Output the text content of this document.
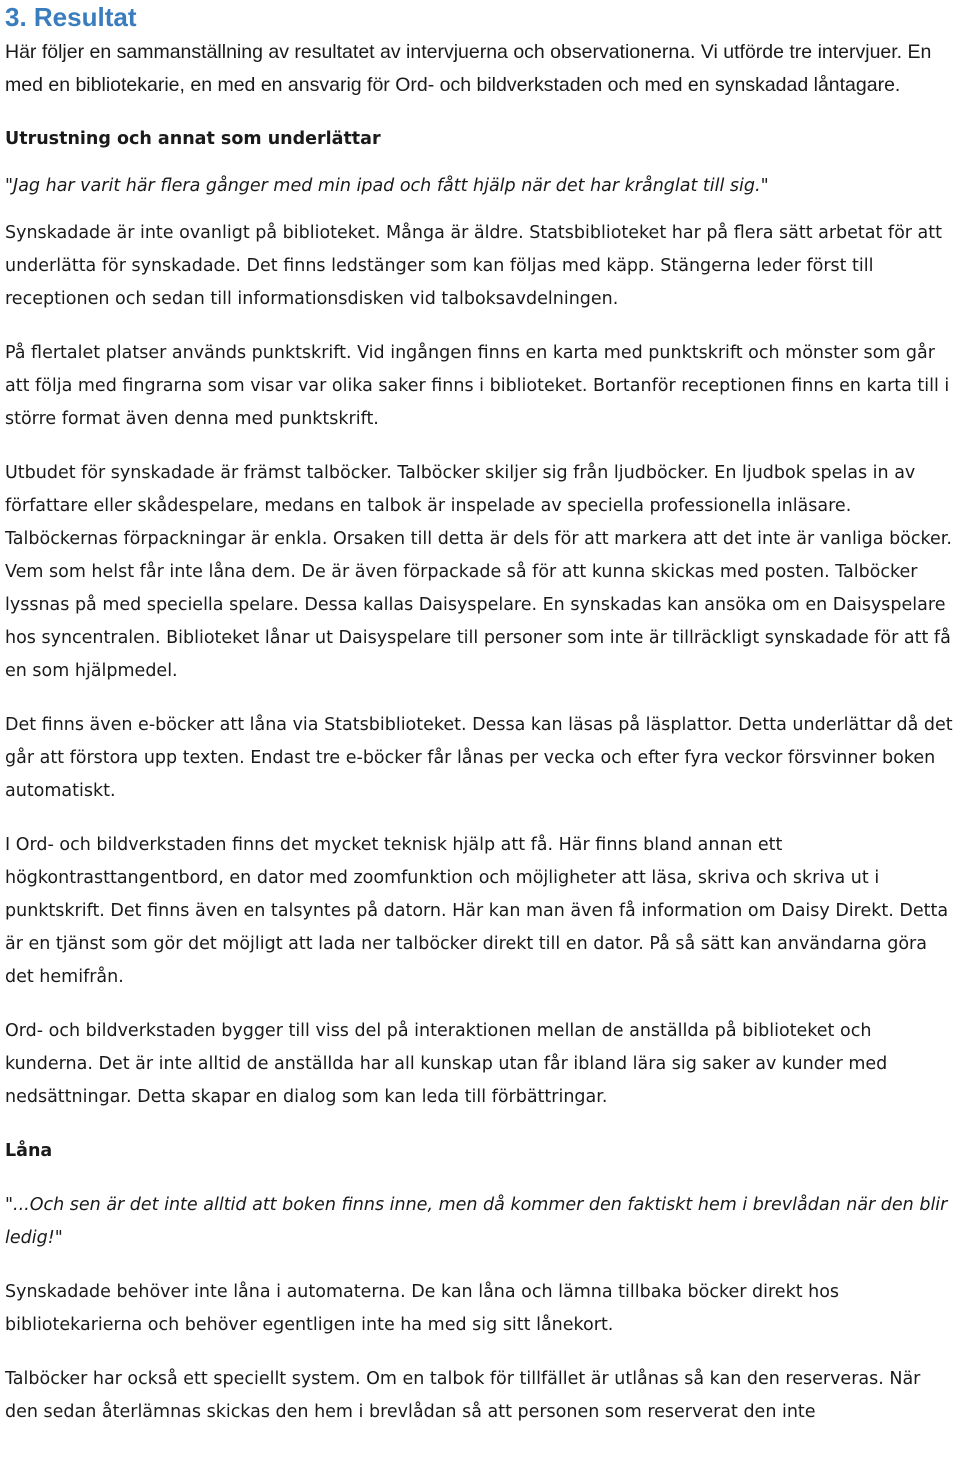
3. Resultat

Här följer en sammanställning av resultatet av intervjuerna och observationerna. Vi utförde tre intervjuer. En med en bibliotekarie, en med en ansvarig för Ord- och bildverkstaden och med en synskadad låntagare.

Utrustning och annat som underlättar

"Jag har varit här flera gånger med min ipad och fått hjälp när det har krånglat till sig."

Synskadade är inte ovanligt på biblioteket. Många är äldre. Statsbiblioteket har på flera sätt arbetat för att underlätta för synskadade. Det finns ledstänger som kan följas med käpp. Stängerna leder först till receptionen och sedan till informationsdisken vid talboksavdelningen.

På flertalet platser används punktskrift. Vid ingången finns en karta med punktskrift och mönster som går att följa med fingrarna som visar var olika saker finns i biblioteket. Bortanför receptionen finns en karta till i större format även denna med punktskrift.

Utbudet för synskadade är främst talböcker. Talböcker skiljer sig från ljudböcker. En ljudbok spelas in av författare eller skådespelare, medans en talbok är inspelade av speciella professionella inläsare. Talböckernas förpackningar är enkla. Orsaken till detta är dels för att markera att det inte är vanliga böcker. Vem som helst får inte låna dem. De är även förpackade så för att kunna skickas med posten. Talböcker lyssnas på med speciella spelare. Dessa kallas Daisyspelare. En synskadas kan ansöka om en Daisyspelare hos syncentralen. Biblioteket lånar ut Daisyspelare till personer som inte är tillräckligt synskadade för att få en som hjälpmedel.

Det finns även e-böcker att låna via Statsbiblioteket. Dessa kan läsas på läsplattor. Detta underlättar då det går att förstora upp texten. Endast tre e-böcker får lånas per vecka och efter fyra veckor försvinner boken automatiskt.

I Ord- och bildverkstaden finns det mycket teknisk hjälp att få. Här finns bland annan ett högkontrasttangentbord, en dator med zoomfunktion och möjligheter att läsa, skriva och skriva ut i punktskrift. Det finns även en talsyntes på datorn. Här kan man även få information om Daisy Direkt. Detta är en tjänst som gör det möjligt att lada ner talböcker direkt till en dator. På så sätt kan användarna göra det hemifrån.

Ord- och bildverkstaden bygger till viss del på interaktionen mellan de anställda på biblioteket och kunderna. Det är inte alltid de anställda har all kunskap utan får ibland lära sig saker av kunder med nedsättningar. Detta skapar en dialog som kan leda till förbättringar.

Låna

"...Och sen är det inte alltid att boken finns inne, men då kommer den faktiskt hem i brevlådan när den blir ledig!"

Synskadade behöver inte låna i automaterna. De kan låna och lämna tillbaka böcker direkt hos bibliotekarierna och behöver egentligen inte ha med sig sitt lånekort.

Talböcker har också ett speciellt system. Om en talbok för tillfället är utlånas så kan den reserveras. När den sedan återlämnas skickas den hem i brevlådan så att personen som reserverat den inte
